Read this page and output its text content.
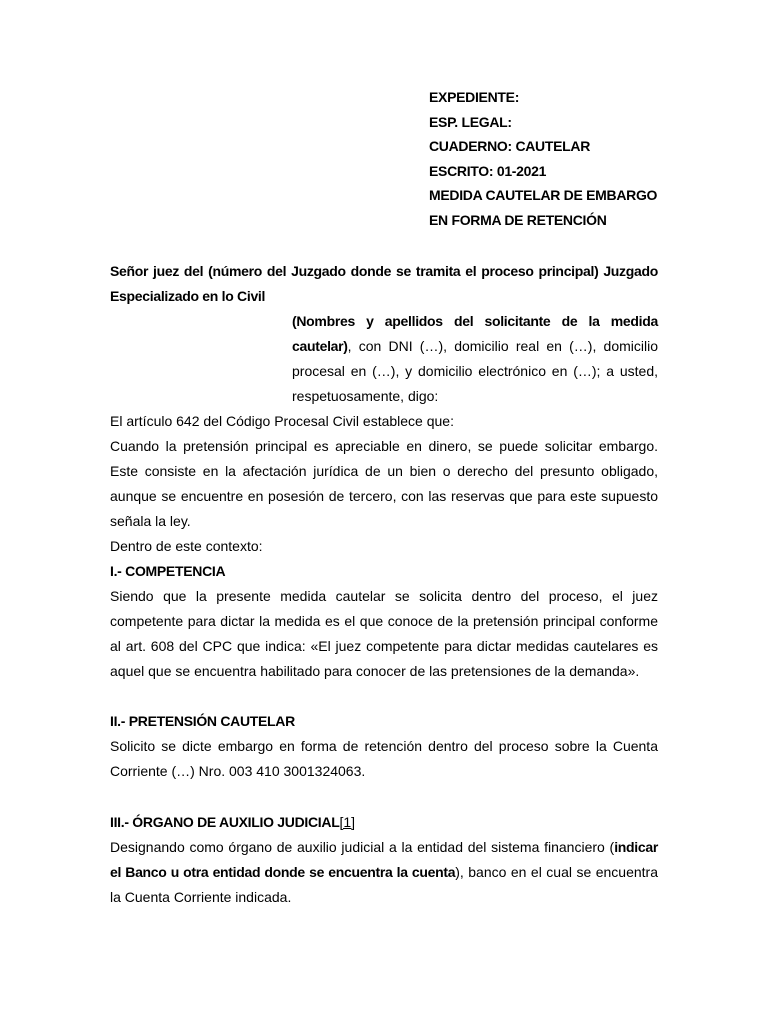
EXPEDIENTE:
ESP. LEGAL:
CUADERNO: CAUTELAR
ESCRITO: 01-2021
MEDIDA CAUTELAR DE EMBARGO
EN FORMA DE RETENCIÓN

Señor juez del (número del Juzgado donde se tramita el proceso principal) Juzgado Especializado en lo Civil

(Nombres y apellidos del solicitante de la medida cautelar), con DNI (…), domicilio real en (…), domicilio procesal en (…), y domicilio electrónico en (…); a usted, respetuosamente, digo:

El artículo 642 del Código Procesal Civil establece que:

Cuando la pretensión principal es apreciable en dinero, se puede solicitar embargo. Este consiste en la afectación jurídica de un bien o derecho del presunto obligado, aunque se encuentre en posesión de tercero, con las reservas que para este supuesto señala la ley.

Dentro de este contexto:

I.- COMPETENCIA

Siendo que la presente medida cautelar se solicita dentro del proceso, el juez competente para dictar la medida es el que conoce de la pretensión principal conforme al art. 608 del CPC que indica: «El juez competente para dictar medidas cautelares es aquel que se encuentra habilitado para conocer de las pretensiones de la demanda».

II.- PRETENSIÓN CAUTELAR

Solicito se dicte embargo en forma de retención dentro del proceso sobre la Cuenta Corriente (…) Nro. 003 410 3001324063.

III.- ÓRGANO DE AUXILIO JUDICIAL[1]

Designando como órgano de auxilio judicial a la entidad del sistema financiero (indicar el Banco u otra entidad donde se encuentra la cuenta), banco en el cual se encuentra la Cuenta Corriente indicada.
